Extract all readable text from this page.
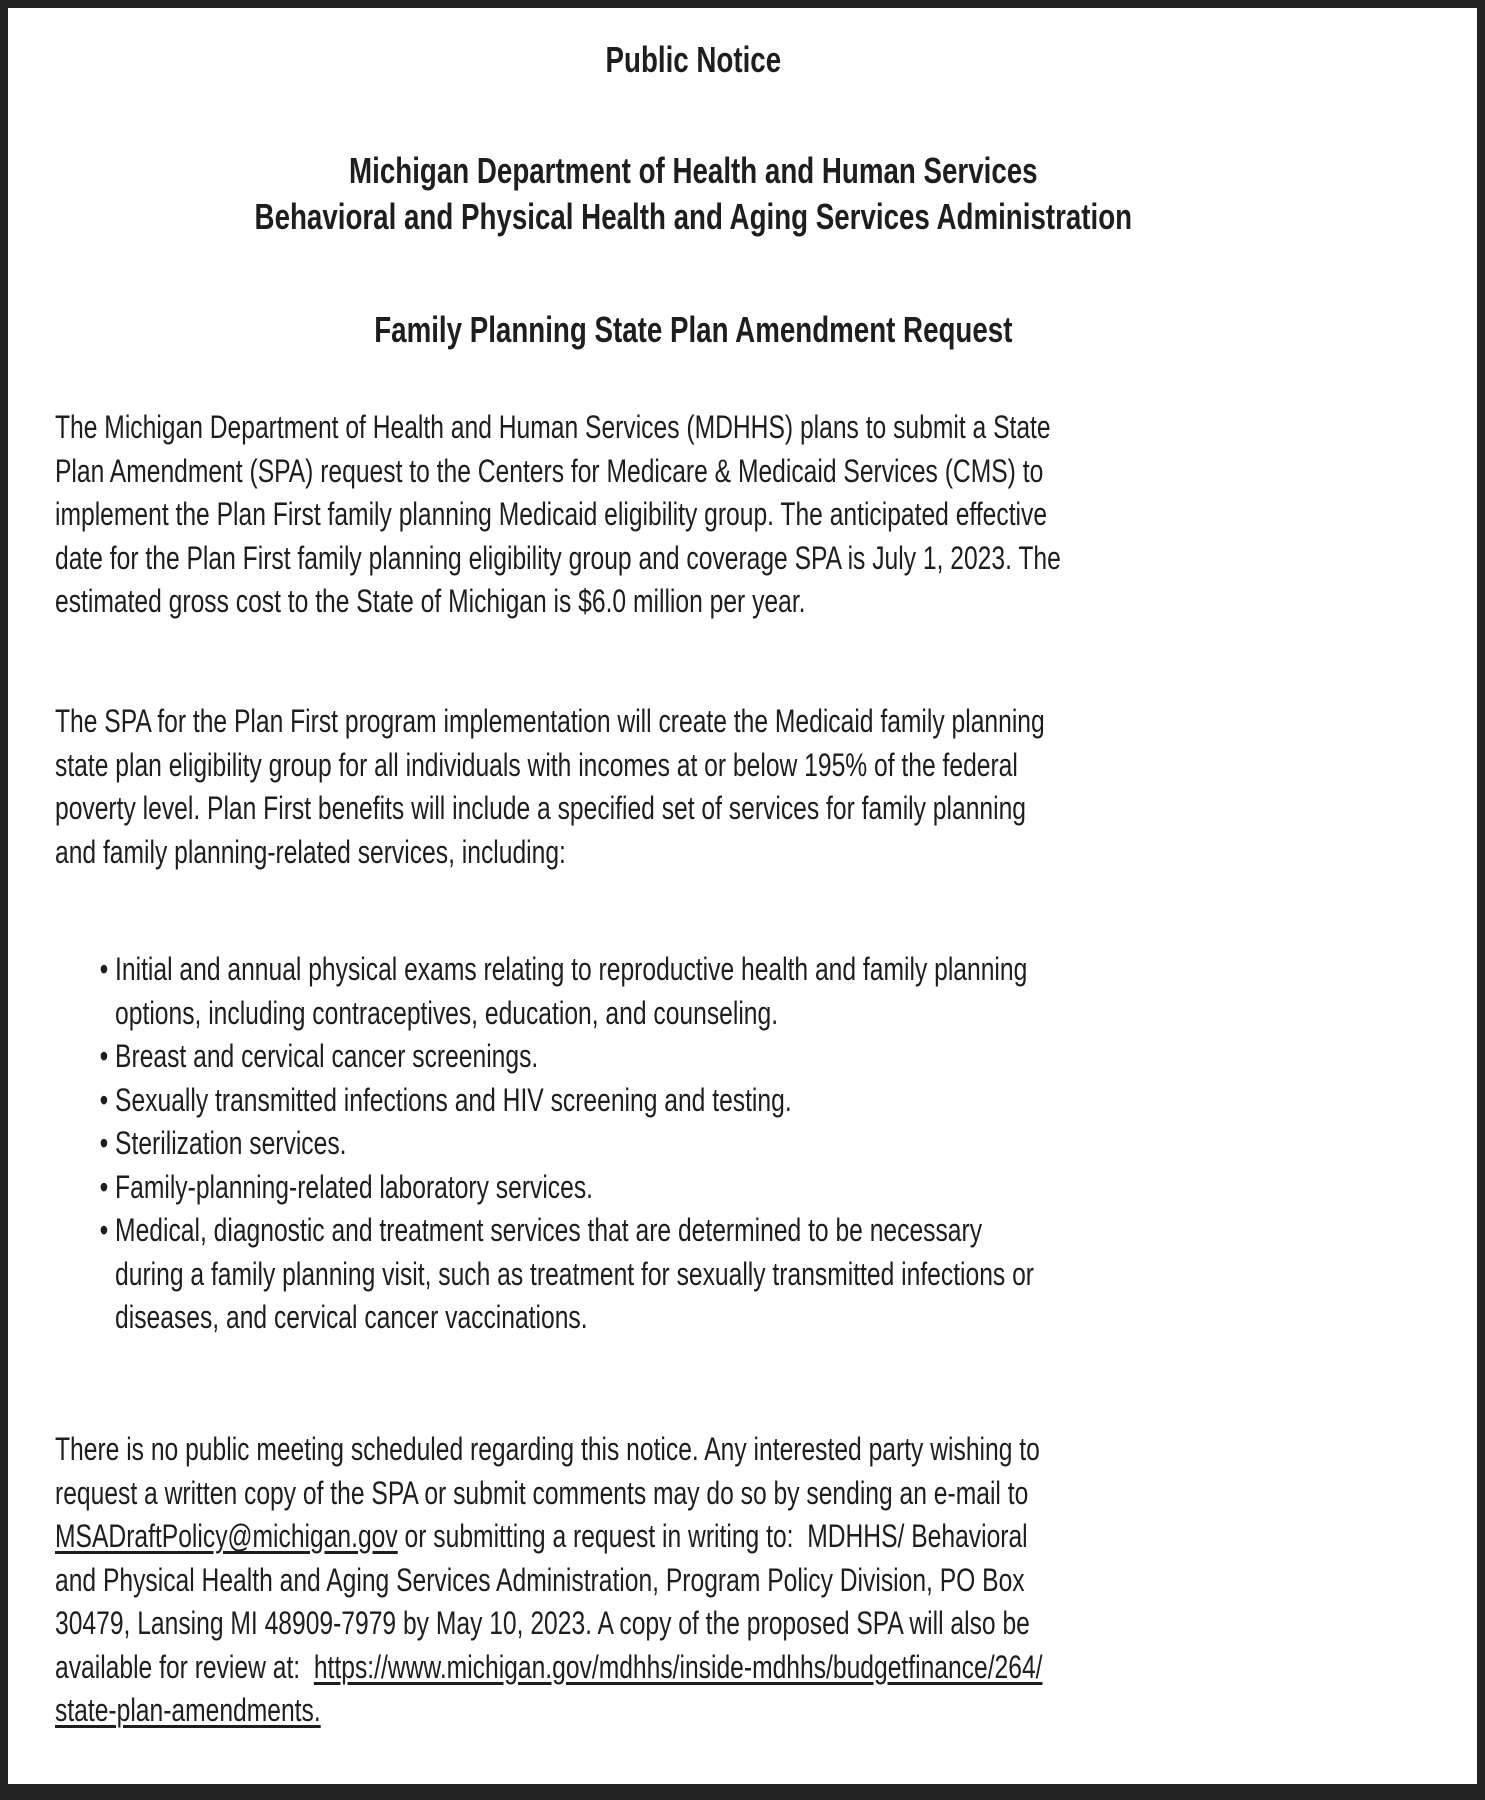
Public Notice
Michigan Department of Health and Human Services
Behavioral and Physical Health and Aging Services Administration
Family Planning State Plan Amendment Request

The Michigan Department of Health and Human Services (MDHHS) plans to submit a State

Plan Amendment (SPA) request to the Centers for Medicare & Medicaid Services (CMS) to

implement the Plan First family planning Medicaid eligibility group. The anticipated effective

date for the Plan First family planning eligibility group and coverage SPA is July 1, 2023. The

estimated gross cost to the State of Michigan is $6.0 million per year.

The SPA for the Plan First program implementation will create the Medicaid family planning

state plan eligibility group for all individuals with incomes at or below 195% of the federal

poverty level. Plan First benefits will include a specified set of services for family planning

and family planning-related services, including:

• Initial and annual physical exams relating to reproductive health and family planning
options, including contraceptives, education, and counseling.
• Breast and cervical cancer screenings.
• Sexually transmitted infections and HIV screening and testing.
• Sterilization services.
• Family-planning-related laboratory services.
• Medical, diagnostic and treatment services that are determined to be necessary
during a family planning visit, such as treatment for sexually transmitted infections or
diseases, and cervical cancer vaccinations.

There is no public meeting scheduled regarding this notice. Any interested party wishing to

request a written copy of the SPA or submit comments may do so by sending an e-mail to

MSADraftPolicy@michigan.gov or submitting a request in writing to:  MDHHS/ Behavioral

and Physical Health and Aging Services Administration, Program Policy Division, PO Box

30479, Lansing MI 48909-7979 by May 10, 2023. A copy of the proposed SPA will also be

available for review at:  https://www.michigan.gov/mdhhs/inside-mdhhs/budgetfinance/264/

state-plan-amendments.
